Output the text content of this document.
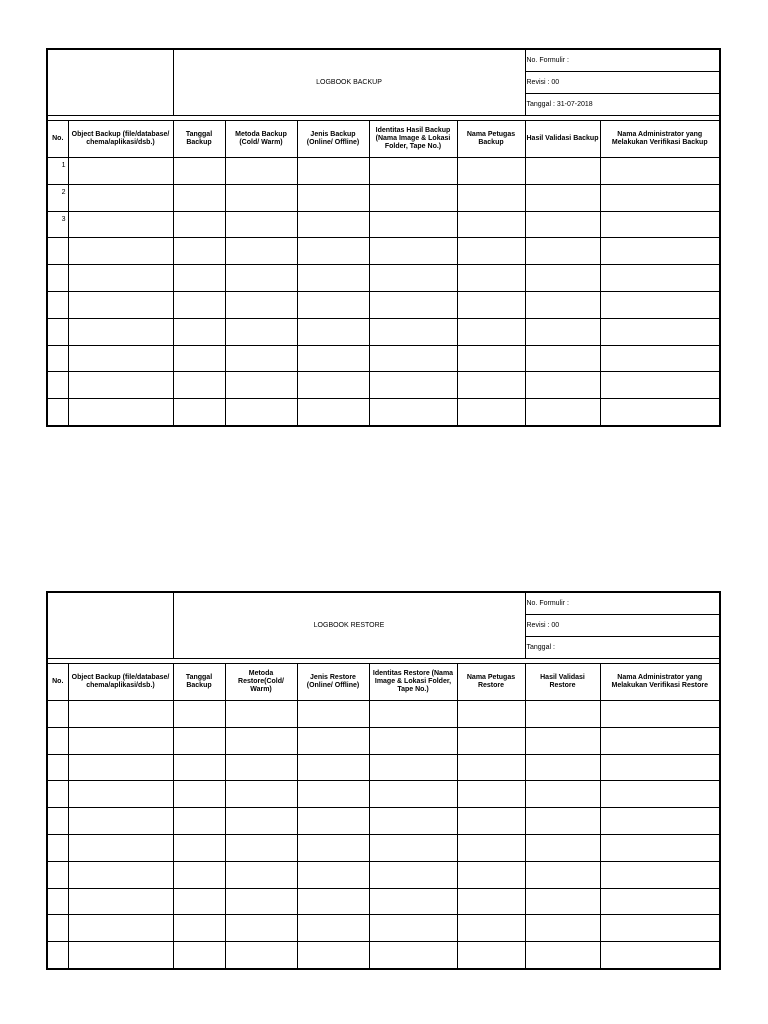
		LOGBOOK BACKUP					No. Formulir :	
							Revisi : 00	
							Tanggal : 31-07-2018	

No.	Object Backup (file/database/ chema/aplikasi/dsb.)	Tanggal Backup	Metoda Backup (Cold/ Warm)	Jenis Backup (Online/ Offline)	Identitas Hasil Backup (Nama Image & Lokasi Folder, Tape No.)	Nama Petugas Backup	Hasil Validasi Backup	Nama Administrator yang Melakukan Verifikasi Backup
1								
2								
3								

		LOGBOOK RESTORE					No. Formulir :	
							Revisi : 00	
							Tanggal :	

No.	Object Backup (file/database/ chema/aplikasi/dsb.)	Tanggal Backup	Metoda Restore(Cold/ Warm)	Jenis Restore (Online/ Offline)	Identitas Restore (Nama Image & Lokasi Folder, Tape No.)	Nama Petugas Restore	Hasil Validasi Restore	Nama Administrator yang Melakukan Verifikasi Restore
